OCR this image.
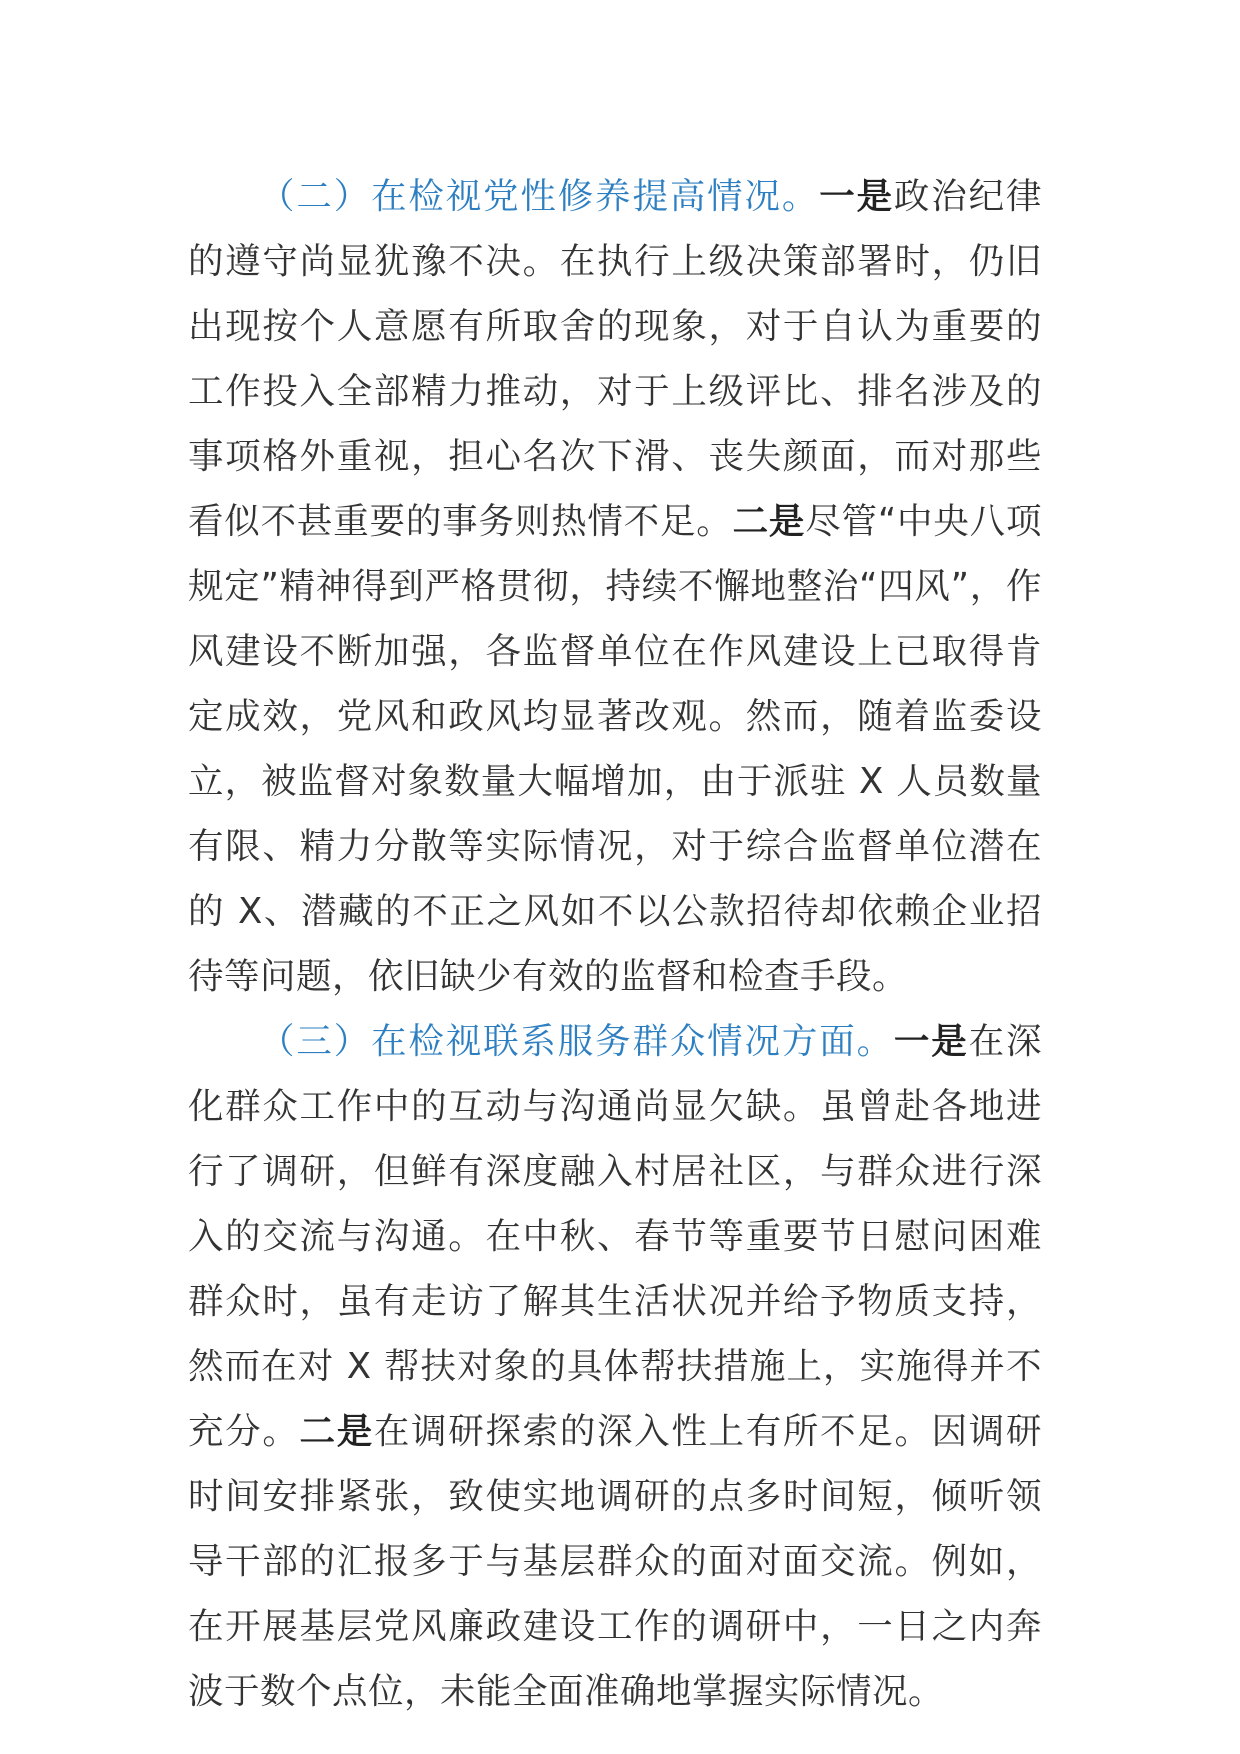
（二）在检视党性修养提高情况。一是政治纪律的遵守尚显犹豫不决。在执行上级决策部署时，仍旧出现按个人意愿有所取舍的现象，对于自认为重要的工作投入全部精力推动，对于上级评比、排名涉及的事项格外重视，担心名次下滑、丧失颜面，而对那些看似不甚重要的事务则热情不足。二是尽管“中央八项规定”精神得到严格贯彻，持续不懈地整治“四风”，作风建设不断加强，各监督单位在作风建设上已取得肯定成效，党风和政风均显著改观。然而，随着监委设立，被监督对象数量大幅增加，由于派驻 X 人员数量有限、精力分散等实际情况，对于综合监督单位潜在的 X、潜藏的不正之风如不以公款招待却依赖企业招待等问题，依旧缺少有效的监督和检查手段。

（三）在检视联系服务群众情况方面。一是在深化群众工作中的互动与沟通尚显欠缺。虽曾赴各地进行了调研，但鲜有深度融入村居社区，与群众进行深入的交流与沟通。在中秋、春节等重要节日慰问困难群众时，虽有走访了解其生活状况并给予物质支持，然而在对 X 帮扶对象的具体帮扶措施上，实施得并不充分。二是在调研探索的深入性上有所不足。因调研时间安排紧张，致使实地调研的点多时间短，倾听领导干部的汇报多于与基层群众的面对面交流。例如，在开展基层党风廉政建设工作的调研中，一日之内奔波于数个点位，未能全面准确地掌握实际情况。
